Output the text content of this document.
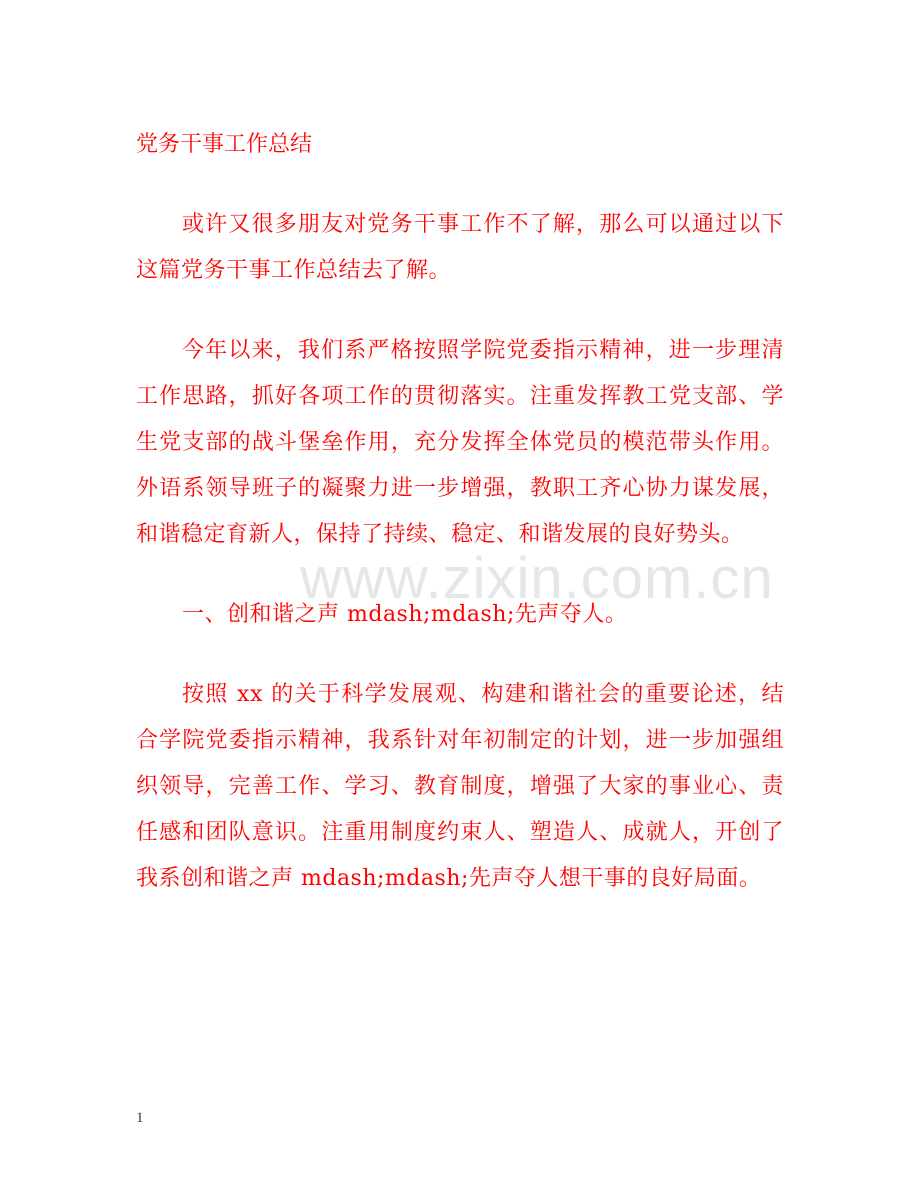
党务干事工作总结

或许又很多朋友对党务干事工作不了解，那么可以通过以下这篇党务干事工作总结去了解。

今年以来，我们系严格按照学院党委指示精神，进一步理清工作思路，抓好各项工作的贯彻落实。注重发挥教工党支部、学生党支部的战斗堡垒作用，充分发挥全体党员的模范带头作用。外语系领导班子的凝聚力进一步增强，教职工齐心协力谋发展，和谐稳定育新人，保持了持续、稳定、和谐发展的良好势头。

一、创和谐之声 mdash;mdash;先声夺人。

按照 xx 的关于科学发展观、构建和谐社会的重要论述，结合学院党委指示精神，我系针对年初制定的计划，进一步加强组织领导，完善工作、学习、教育制度，增强了大家的事业心、责任感和团队意识。注重用制度约束人、塑造人、成就人，开创了我系创和谐之声 mdash;mdash;先声夺人想干事的良好局面。

www.zixin.com.cn
1
